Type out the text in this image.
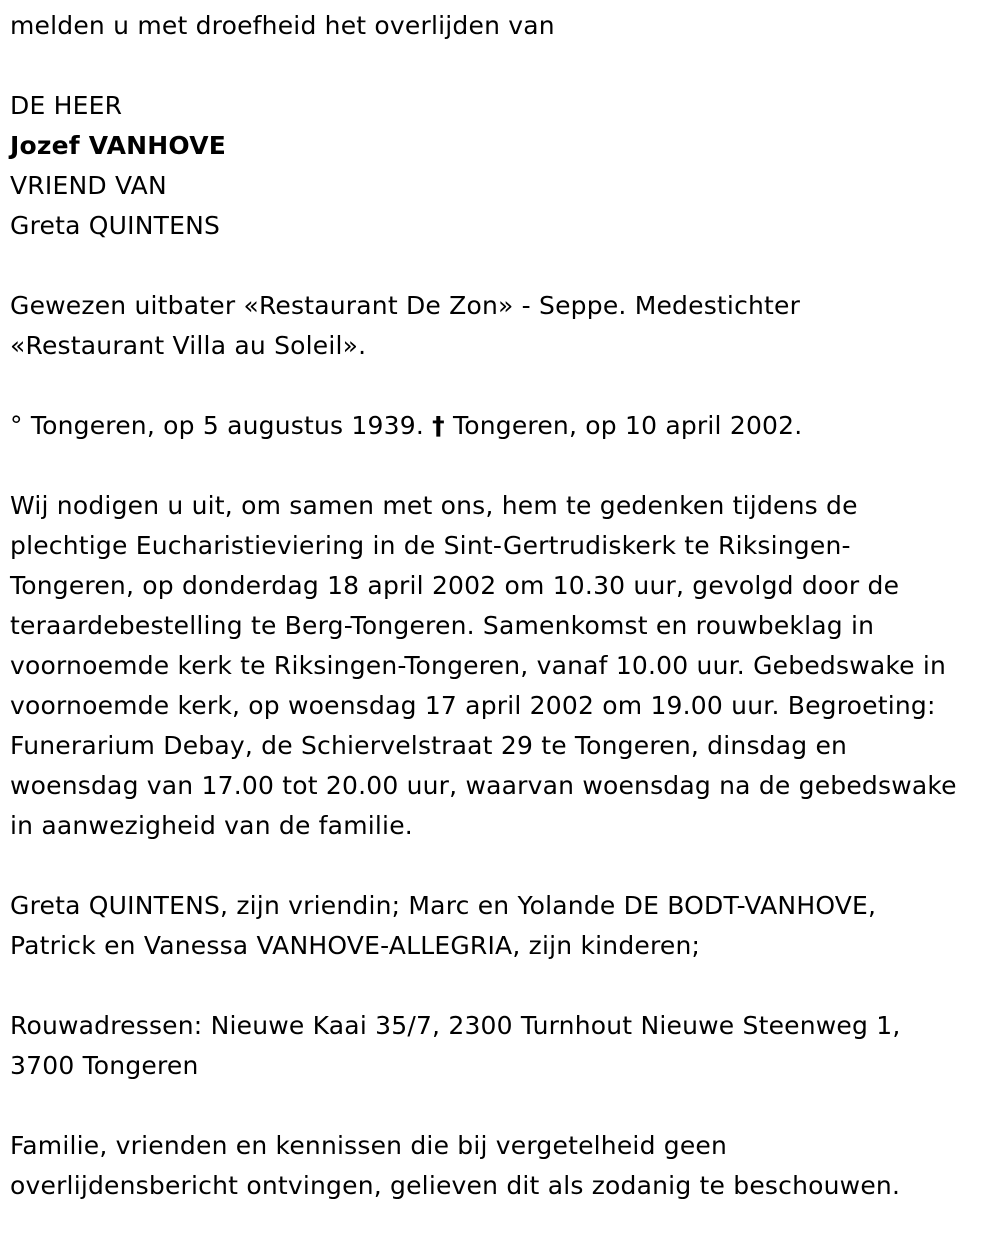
melden u met droefheid het overlijden van
DE HEER
Jozef VANHOVE
VRIEND VAN
Greta QUINTENS
Gewezen uitbater «Restaurant De Zon» - Seppe. Medestichter
«Restaurant Villa au Soleil».
° Tongeren, op 5 augustus 1939. † Tongeren, op 10 april 2002.
Wij nodigen u uit, om samen met ons, hem te gedenken tijdens de
plechtige Eucharistieviering in de Sint-Gertrudiskerk te Riksingen-
Tongeren, op donderdag 18 april 2002 om 10.30 uur, gevolgd door de
teraardebestelling te Berg-Tongeren. Samenkomst en rouwbeklag in
voornoemde kerk te Riksingen-Tongeren, vanaf 10.00 uur. Gebedswake in
voornoemde kerk, op woensdag 17 april 2002 om 19.00 uur. Begroeting:
Funerarium Debay, de Schiervelstraat 29 te Tongeren, dinsdag en
woensdag van 17.00 tot 20.00 uur, waarvan woensdag na de gebedswake
in aanwezigheid van de familie.
Greta QUINTENS, zijn vriendin; Marc en Yolande DE BODT-VANHOVE,
Patrick en Vanessa VANHOVE-ALLEGRIA, zijn kinderen;
Rouwadressen: Nieuwe Kaai 35/7, 2300 Turnhout Nieuwe Steenweg 1,
3700 Tongeren
Familie, vrienden en kennissen die bij vergetelheid geen
overlijdensbericht ontvingen, gelieven dit als zodanig te beschouwen.
